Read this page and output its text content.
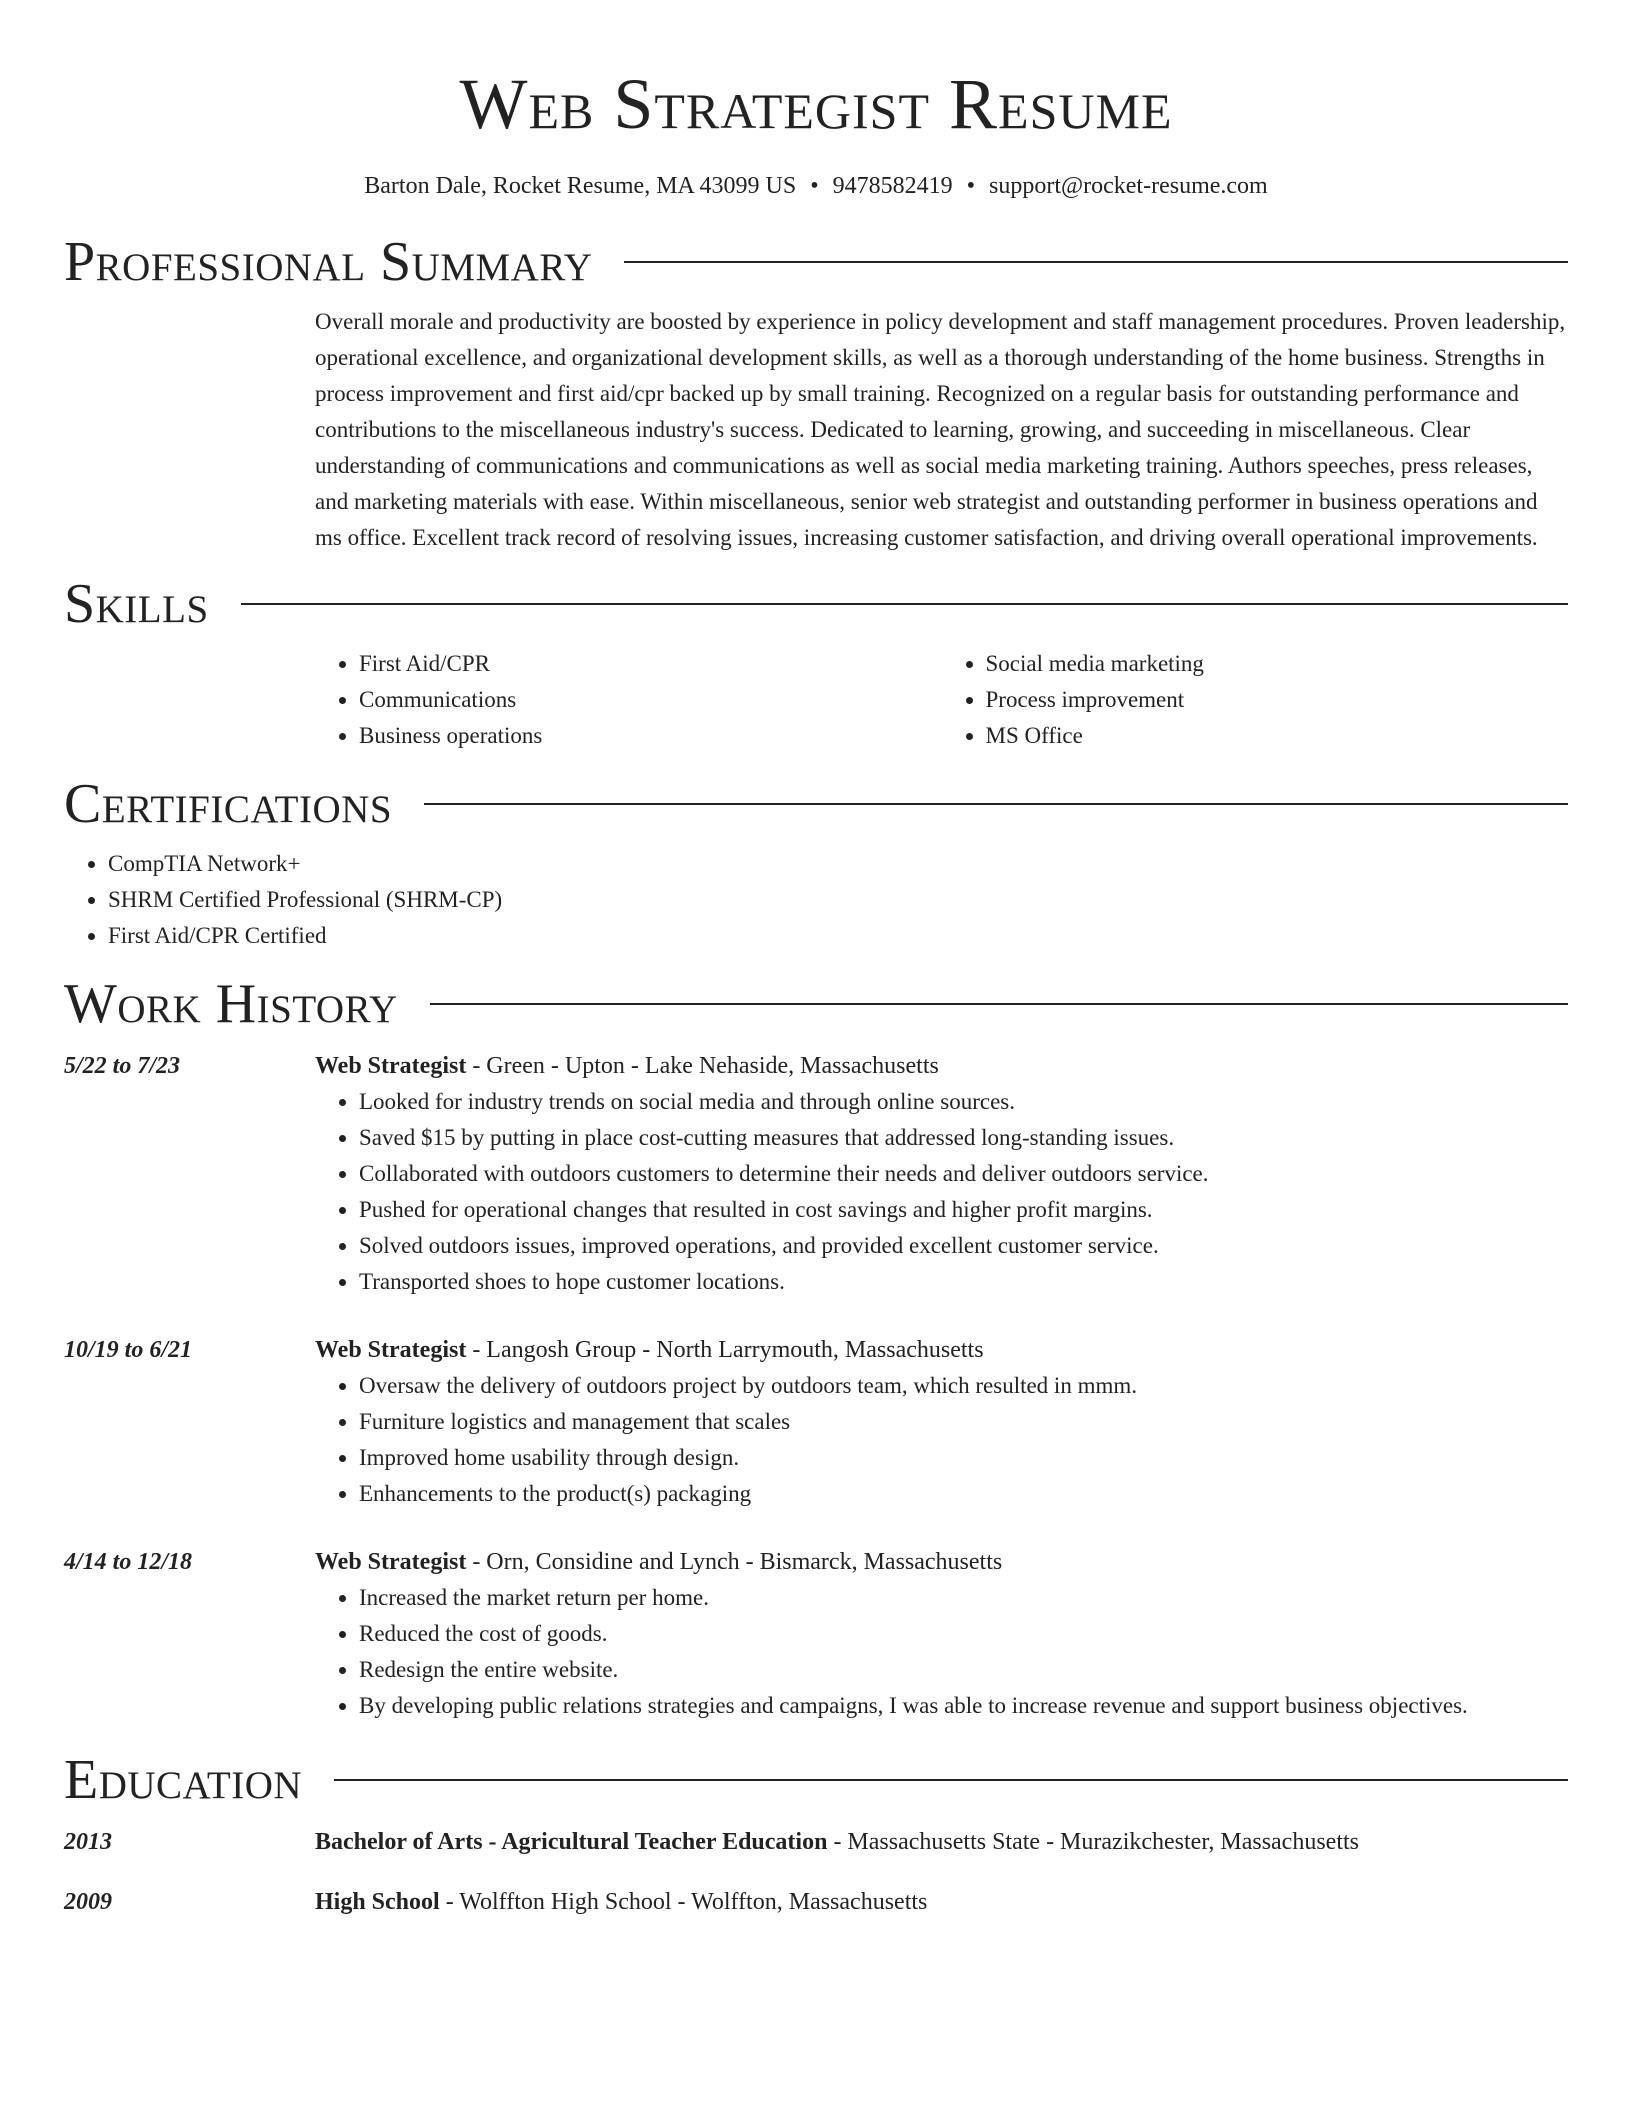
Web Strategist Resume
Barton Dale, Rocket Resume, MA 43099 US • 9478582419 • support@rocket-resume.com
Professional Summary

Overall morale and productivity are boosted by experience in policy development and staff management procedures. Proven leadership, operational excellence, and organizational development skills, as well as a thorough understanding of the home business. Strengths in process improvement and first aid/cpr backed up by small training. Recognized on a regular basis for outstanding performance and contributions to the miscellaneous industry's success. Dedicated to learning, growing, and succeeding in miscellaneous. Clear understanding of communications and communications as well as social media marketing training. Authors speeches, press releases, and marketing materials with ease. Within miscellaneous, senior web strategist and outstanding performer in business operations and ms office. Excellent track record of resolving issues, increasing customer satisfaction, and driving overall operational improvements.

Skills
• First Aid/CPR
• Communications
• Business operations
• Social media marketing
• Process improvement
• MS Office
Certifications
• CompTIA Network+
• SHRM Certified Professional (SHRM-CP)
• First Aid/CPR Certified
Work History
5/22 to 7/23	Web Strategist - Green - Upton - Lake Nehaside, Massachusetts
• Looked for industry trends on social media and through online sources.
• Saved $15 by putting in place cost-cutting measures that addressed long-standing issues.
• Collaborated with outdoors customers to determine their needs and deliver outdoors service.
• Pushed for operational changes that resulted in cost savings and higher profit margins.
• Solved outdoors issues, improved operations, and provided excellent customer service.
• Transported shoes to hope customer locations.
10/19 to 6/21	Web Strategist - Langosh Group - North Larrymouth, Massachusetts
• Oversaw the delivery of outdoors project by outdoors team, which resulted in mmm.
• Furniture logistics and management that scales
• Improved home usability through design.
• Enhancements to the product(s) packaging
4/14 to 12/18	Web Strategist - Orn, Considine and Lynch - Bismarck, Massachusetts
• Increased the market return per home.
• Reduced the cost of goods.
• Redesign the entire website.
• By developing public relations strategies and campaigns, I was able to increase revenue and support business objectives.
Education
2013	Bachelor of Arts - Agricultural Teacher Education - Massachusetts State - Murazikchester, Massachusetts
2009	High School - Wolffton High School - Wolffton, Massachusetts
